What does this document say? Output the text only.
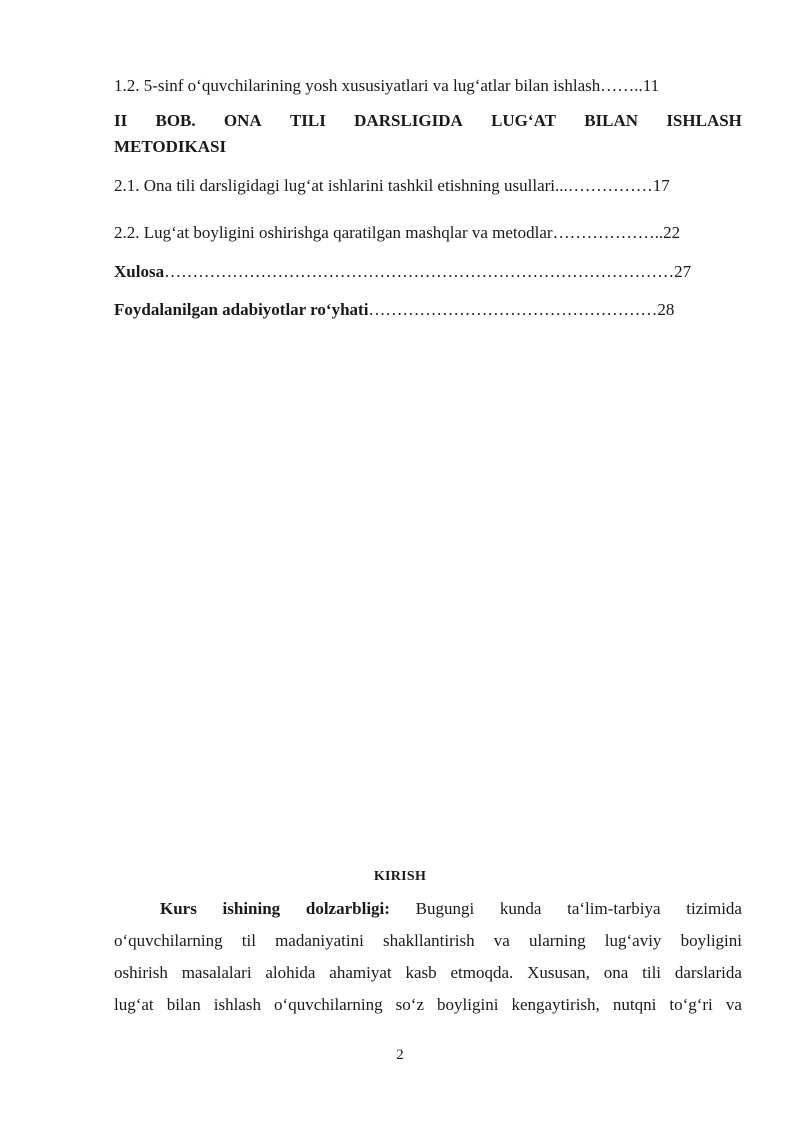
1.2. 5-sinf o‘quvchilarining yosh xususiyatlari va lug‘atlar bilan ishlash……..11
II BOB. ONA TILI DARSLIGIDA LUG‘AT BILAN ISHLASH
METODIKASI
2.1. Ona tili darsligidagi lug‘at ishlarini tashkil etishning usullari...……………17
2.2. Lug‘at boyligini oshirishga qaratilgan mashqlar va metodlar………………..22
Xulosa………………………………………………………………………………27
Foydalanilgan adabiyotlar ro‘yhati……………………………………………28
KIRISH
Kurs ishining dolzarbligi: Bugungi kunda ta‘lim-tarbiya tizimida
o‘quvchilarning til madaniyatini shakllantirish va ularning lug‘aviy boyligini
oshirish masalalari alohida ahamiyat kasb etmoqda. Xususan, ona tili darslarida
lug‘at bilan ishlash o‘quvchilarning so‘z boyligini kengaytirish, nutqni to‘g‘ri va
2
